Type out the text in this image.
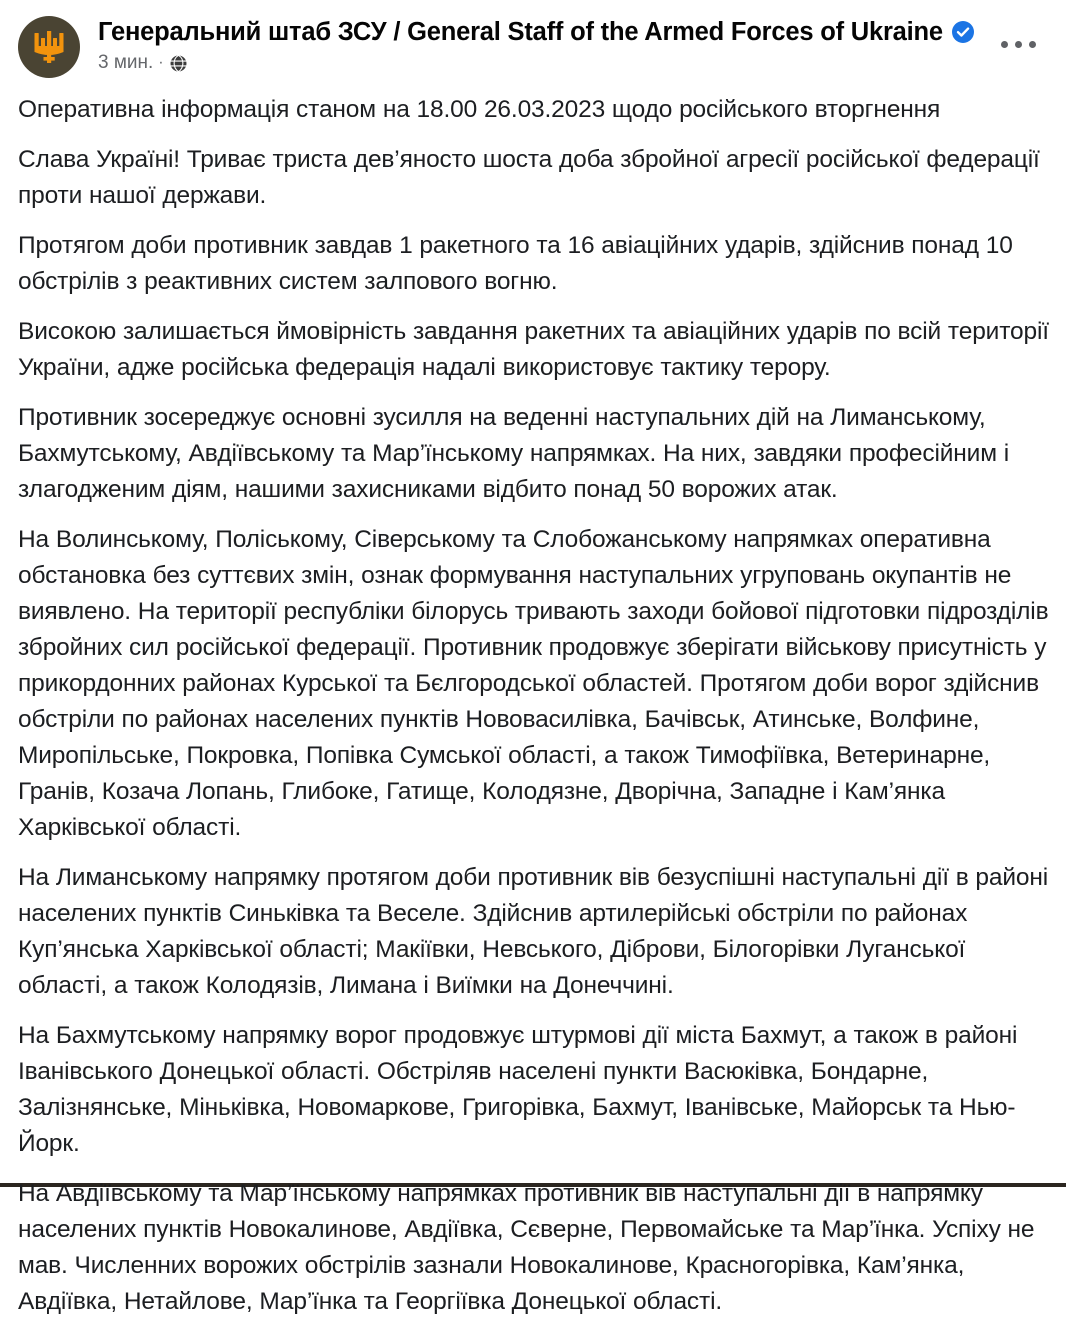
Генеральний штаб ЗСУ / General Staff of the Armed Forces of Ukraine
3 мин. ·

Оперативна інформація станом на 18.00 26.03.2023 щодо російського вторгнення

Слава Україні! Триває триста дев’яносто шоста доба збройної агресії російської федерації проти нашої держави.

Протягом доби противник завдав 1 ракетного та 16 авіаційних ударів, здійснив понад 10 обстрілів з реактивних систем залпового вогню.

Високою залишається ймовірність завдання ракетних та авіаційних ударів по всій території України, адже російська федерація надалі використовує тактику терору.

Противник зосереджує основні зусилля на веденні наступальних дій на Лиманському, Бахмутському, Авдіївському та Мар’їнському напрямках. На них, завдяки професійним і злагодженим діям, нашими захисниками відбито понад 50 ворожих атак.

На Волинському, Поліському, Сіверському та Слобожанському напрямках оперативна обстановка без суттєвих змін, ознак формування наступальних угруповань окупантів не виявлено. На території республіки білорусь тривають заходи бойової підготовки підрозділів збройних сил російської федерації. Противник продовжує зберігати військову присутність у прикордонних районах Курської та Бєлгородської областей. Протягом доби ворог здійснив обстріли по районах населених пунктів Нововасилівка, Бачівськ, Атинське, Волфине, Миропільське, Покровка, Попівка Сумської області, а також Тимофіївка, Ветеринарне, Гранів, Козача Лопань, Глибоке, Гатище, Колодязне, Дворічна, Западне і Кам’янка Харківської області.

На Лиманському напрямку протягом доби противник вів безуспішні наступальні дії в районі населених пунктів Синьківка та Веселе. Здійснив артилерійські обстріли по районах Куп’янська Харківської області; Макіївки, Невського, Діброви, Білогорівки Луганської області, а також Колодязів, Лимана і Виїмки на Донеччині.

На Бахмутському напрямку ворог продовжує штурмові дії міста Бахмут, а також в районі Іванівського Донецької області. Обстріляв населені пункти Васюківка, Бондарне, Залізнянське, Міньківка, Новомаркове, Григорівка, Бахмут, Іванівське, Майорськ та Нью-Йорк.

На Авдіївському та Мар’їнському напрямках противник вів наступальні дії в напрямку населених пунктів Новокалинове, Авдіївка, Сєверне, Первомайське та Мар’їнка. Успіху не мав. Численних ворожих обстрілів зазнали Новокалинове, Красногорівка, Кам’янка, Авдіївка, Нетайлове, Мар’їнка та Георгіївка Донецької області.
